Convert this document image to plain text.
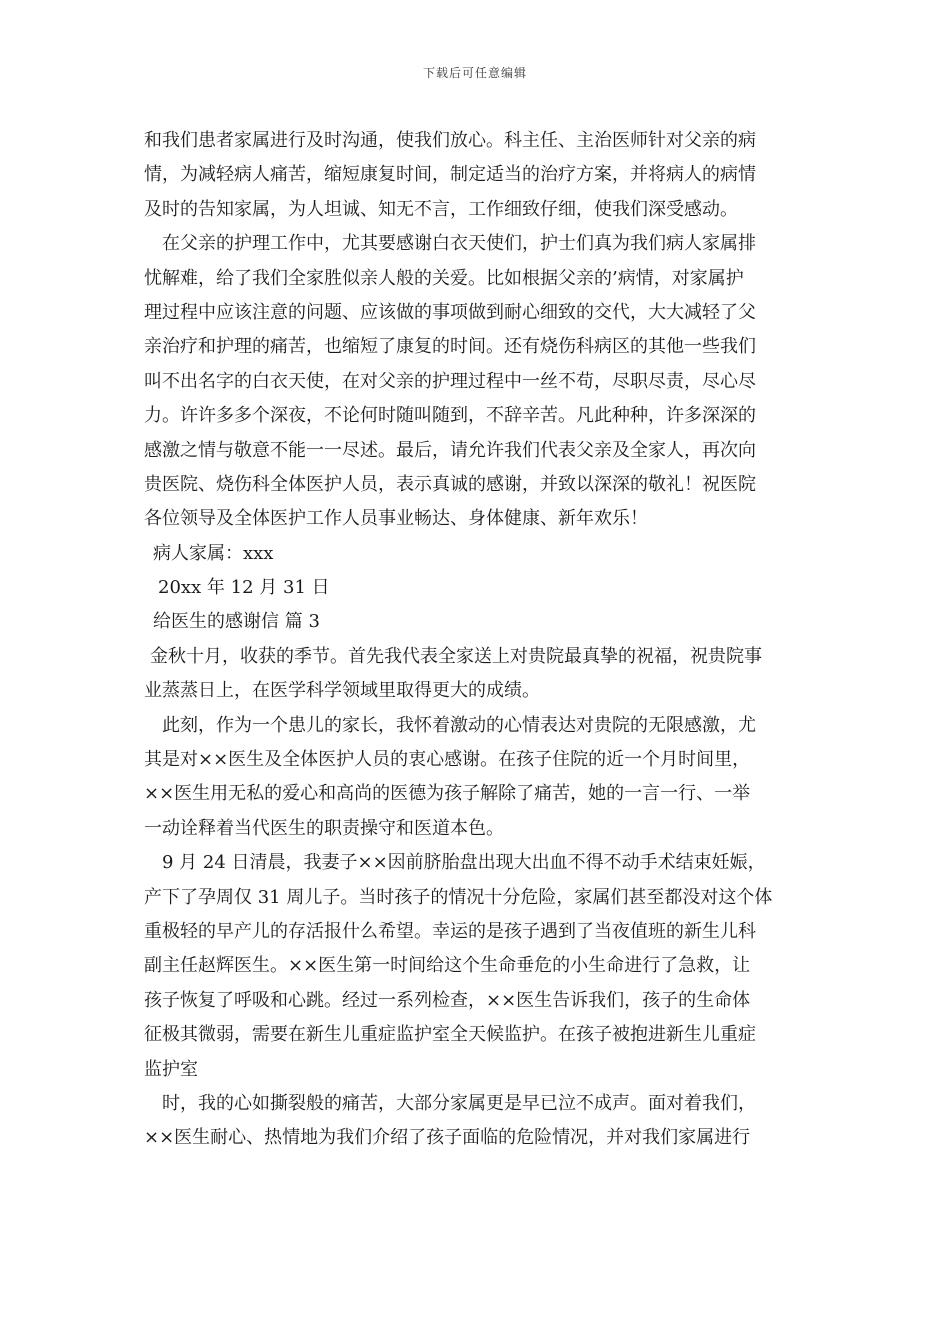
下载后可任意编辑
和我们患者家属进行及时沟通，使我们放心。科主任、主治医师针对父亲的病
情，为减轻病人痛苦，缩短康复时间，制定适当的治疗方案，并将病人的病情
及时的告知家属，为人坦诚、知无不言，工作细致仔细，使我们深受感动。
在父亲的护理工作中，尤其要感谢白衣天使们，护士们真为我们病人家属排
忧解难，给了我们全家胜似亲人般的关爱。比如根据父亲的’病情，对家属护
理过程中应该注意的问题、应该做的事项做到耐心细致的交代，大大减轻了父
亲治疗和护理的痛苦，也缩短了康复的时间。还有烧伤科病区的其他一些我们
叫不出名字的白衣天使，在对父亲的护理过程中一丝不苟，尽职尽责，尽心尽
力。许许多多个深夜，不论何时随叫随到，不辞辛苦。凡此种种，许多深深的
感激之情与敬意不能一一尽述。最后，请允许我们代表父亲及全家人，再次向
贵医院、烧伤科全体医护人员，表示真诚的感谢，并致以深深的敬礼！祝医院
各位领导及全体医护工作人员事业畅达、身体健康、新年欢乐！
病人家属：xxx
20xx 年 12 月 31 日
给医生的感谢信 篇 3
金秋十月，收获的季节。首先我代表全家送上对贵院最真挚的祝福，祝贵院事
业蒸蒸日上，在医学科学领域里取得更大的成绩。
此刻，作为一个患儿的家长，我怀着激动的心情表达对贵院的无限感激，尤
其是对××医生及全体医护人员的衷心感谢。在孩子住院的近一个月时间里，
××医生用无私的爱心和高尚的医德为孩子解除了痛苦，她的一言一行、一举
一动诠释着当代医生的职责操守和医道本色。
9 月 24 日清晨，我妻子××因前脐胎盘出现大出血不得不动手术结束妊娠，
产下了孕周仅 31 周儿子。当时孩子的情况十分危险，家属们甚至都没对这个体
重极轻的早产儿的存活报什么希望。幸运的是孩子遇到了当夜值班的新生儿科
副主任赵辉医生。××医生第一时间给这个生命垂危的小生命进行了急救，让
孩子恢复了呼吸和心跳。经过一系列检查，××医生告诉我们，孩子的生命体
征极其微弱，需要在新生儿重症监护室全天候监护。在孩子被抱进新生儿重症
监护室
时，我的心如撕裂般的痛苦，大部分家属更是早已泣不成声。面对着我们，
××医生耐心、热情地为我们介绍了孩子面临的危险情况，并对我们家属进行
